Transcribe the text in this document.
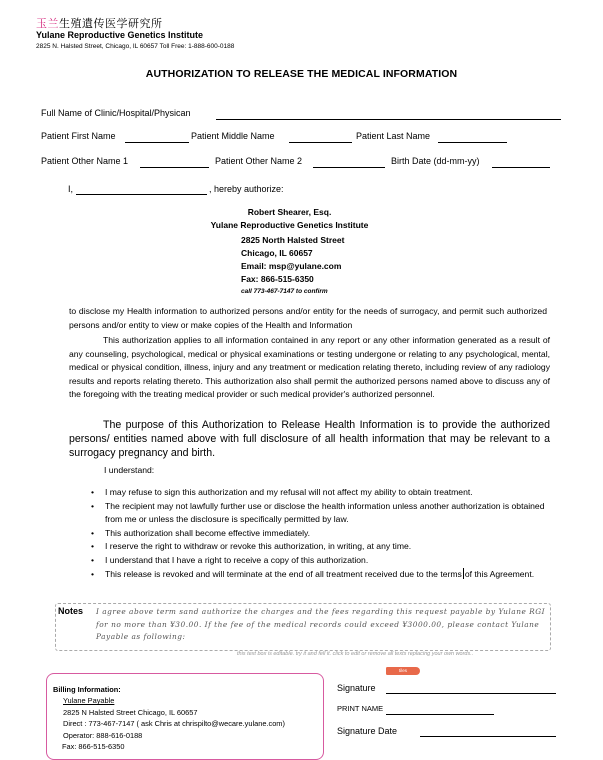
玉兰生殖遺传医学研究所
Yulane Reproductive Genetics Institute
2825 N. Halsted Street, Chicago, IL 60657 Toll Free: 1-888-600-0188
AUTHORIZATION TO RELEASE THE MEDICAL INFORMATION
Full Name of Clinic/Hospital/Physican
Patient First Name	Patient Middle Name	Patient Last Name
Patient Other Name 1	Patient Other Name 2	Birth Date (dd-mm-yy)
I,	, hereby authorize:
Robert Shearer, Esq.
Yulane Reproductive Genetics Institute
2825 North Halsted Street
Chicago, IL 60657
Email: msp@yulane.com
Fax: 866-515-6350
call 773-467-7147 to confirm
to disclose my Health information to authorized persons and/or entity for the needs of surrogacy, and permit such authorized persons and/or entity to view or make copies of the Health and Information
This authorization applies to all information contained in any report or any other information generated as a result of any counseling, psychological, medical or physical examinations or testing undergone or relating to any psychological, mental, medical or physical condition, illness, injury and any treatment or medication relating thereto, including review of any radiology results and reports relating thereto. This authorization also shall permit the authorized persons named above to discuss any of the foregoing with the treating medical provider or such medical provider's authorized personnel.
The purpose of this Authorization to Release Health Information is to provide the authorized persons/ entities named above with full disclosure of all health information that may be relevant to a surrogacy pregnancy and birth.
I understand:
• I may refuse to sign this authorization and my refusal will not affect my ability to obtain treatment.
• The recipient may not lawfully further use or disclose the health information unless another authorization is obtained from me or unless the disclosure is specifically permitted by law.
• This authorization shall become effective immediately.
• I reserve the right to withdraw or revoke this authorization, in writing, at any time.
• I understand that I have a right to receive a copy of this authorization.
• This release is revoked and will terminate at the end of all treatment received due to the terms of this Agreement.
Notes I agree above term sand authorize the charges and the fees regarding this request payable by Yulane RGI for no more than ¥30.00. If the fee of the medical records could exceed ¥3000.00, please contact Yulane Payable as following:
this text box is editable. try it and fell it. click to edit or remove all texts replacing your own words..
tiles
Billing Information:
Yulane Payable
2825 N Halsted Street Chicago, IL 60657
Direct : 773-467-7147 ( ask Chris at chrispilto@wecare.yulane.com)
Operator: 888-616-0188
Fax: 866-515-6350
Signature
PRINT NAME
Signature Date
